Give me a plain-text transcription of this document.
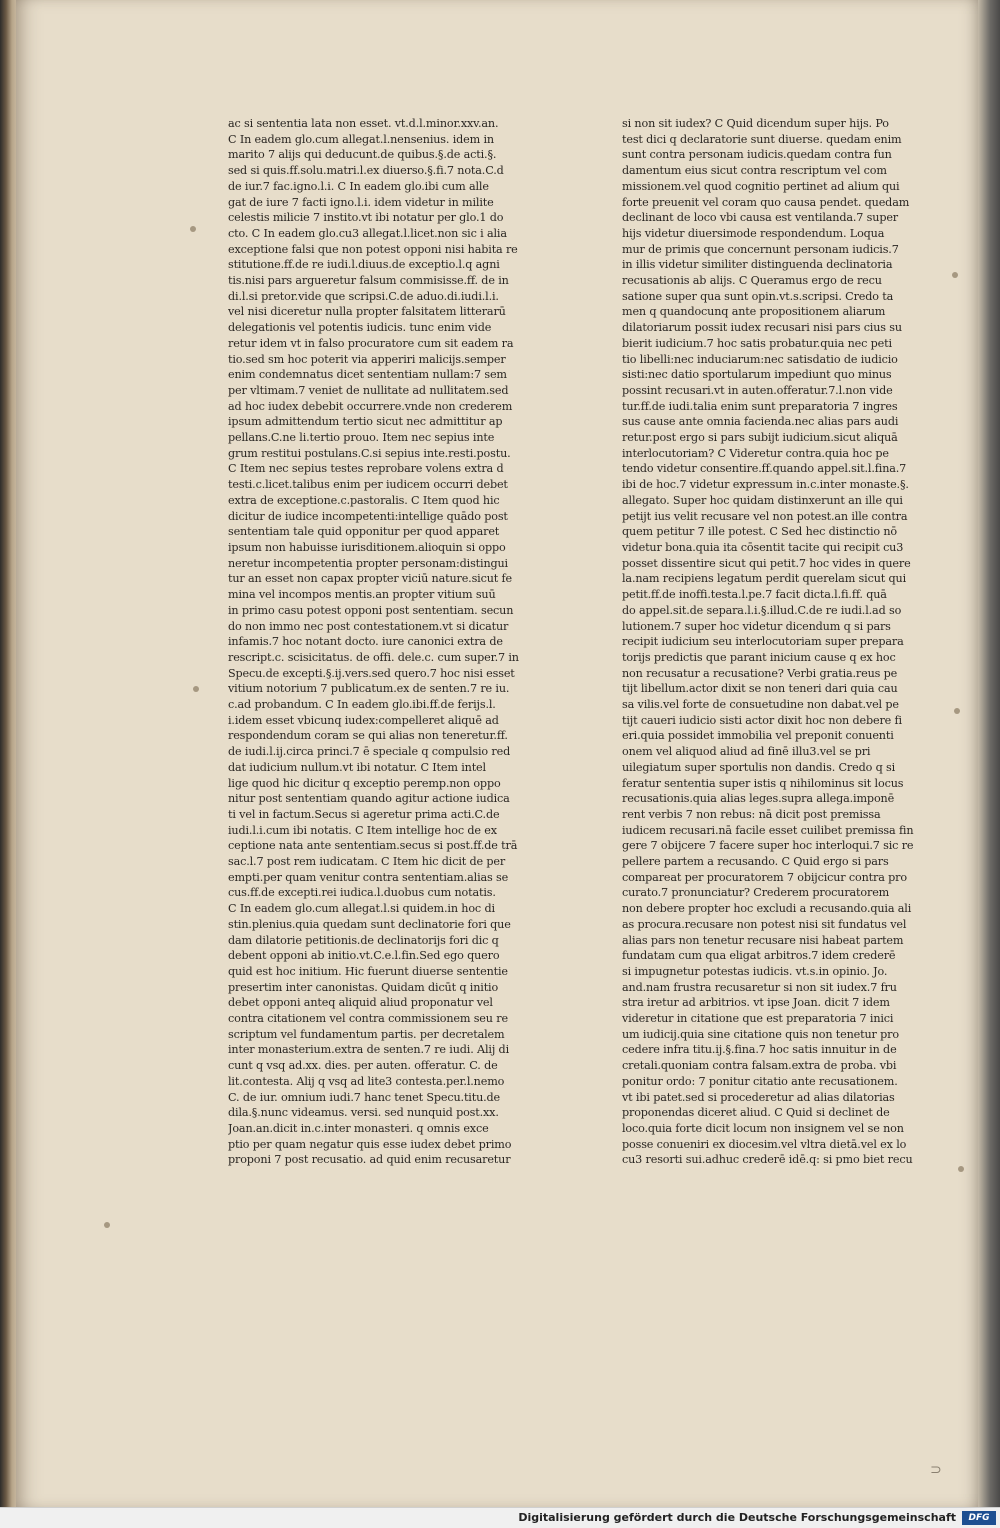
ac si sententia lata non esset. vt.d.l.minor.xxv.an.
C In eadem glo.cum allegat.l.nensenius. idem in
marito 7 alijs qui deducunt.de quibus.§.de acti.§.
sed si quis.ff.solu.matri.l.ex diuerso.§.fi.7 nota.C.d
de iur.7 fac.igno.l.i. C In eadem glo.ibi cum alle
gat de iure 7 facti igno.l.i. idem videtur in milite
celestis milicie 7 instito.vt ibi notatur per glo.1 do
cto. C In eadem glo.cu3 allegat.l.licet.non sic i alia
exceptione falsi que non potest opponi nisi habita re
stitutione.ff.de re iudi.l.diuus.de exceptio.l.q agni
tis.nisi pars argueretur falsum commisisse.ff. de in
di.l.si pretor.vide que scripsi.C.de aduo.di.iudi.l.i.
vel nisi diceretur nulla propter falsitatem litterarū
delegationis vel potentis iudicis. tunc enim vide
retur idem vt in falso procuratore cum sit eadem ra
tio.sed sm hoc poterit via apperiri malicijs.semper
enim condemnatus dicet sententiam nullam:7 sem
per vltimam.7 veniet de nullitate ad nullitatem.sed
ad hoc iudex debebit occurrere.vnde non crederem
ipsum admittendum tertio sicut nec admittitur ap
pellans.C.ne li.tertio prouo. Item nec sepius inte
grum restitui postulans.C.si sepius inte.resti.postu.
C Item nec sepius testes reprobare volens extra d
testi.c.licet.talibus enim per iudicem occurri debet
extra de exceptione.c.pastoralis. C Item quod hic
dicitur de iudice incompetenti:intellige quādo post
sententiam tale quid opponitur per quod apparet
ipsum non habuisse iurisditionem.alioquin si oppo
neretur incompetentia propter personam:distingui
tur an esset non capax propter viciū nature.sicut fe
mina vel incompos mentis.an propter vitium suū
in primo casu potest opponi post sententiam. secun
do non immo nec post contestationem.vt si dicatur
infamis.7 hoc notant docto. iure canonici extra de
rescript.c. scisicitatus. de offi. dele.c. cum super.7 in
Specu.de excepti.§.ij.vers.sed quero.7 hoc nisi esset
vitium notorium 7 publicatum.ex de senten.7 re iu.
c.ad probandum. C In eadem glo.ibi.ff.de ferijs.l.
i.idem esset vbicunq iudex:compelleret aliquē ad
respondendum coram se qui alias non teneretur.ff.
de iudi.l.ij.circa princi.7 ē speciale q compulsio red
dat iudicium nullum.vt ibi notatur. C Item intel
lige quod hic dicitur q exceptio peremp.non oppo
nitur post sententiam quando agitur actione iudica
ti vel in factum.Secus si ageretur prima acti.C.de
iudi.l.i.cum ibi notatis. C Item intellige hoc de ex
ceptione nata ante sententiam.secus si post.ff.de trā
sac.l.7 post rem iudicatam. C Item hic dicit de per
empti.per quam venitur contra sententiam.alias se
cus.ff.de excepti.rei iudica.l.duobus cum notatis.
C In eadem glo.cum allegat.l.si quidem.in hoc di
stin.plenius.quia quedam sunt declinatorie fori que
dam dilatorie petitionis.de declinatorijs fori dic q
debent opponi ab initio.vt.C.e.l.fin.Sed ego quero
quid est hoc initium. Hic fuerunt diuerse sententie
presertim inter canonistas. Quidam dicūt q initio
debet opponi anteq aliquid aliud proponatur vel
contra citationem vel contra commissionem seu re
scriptum vel fundamentum partis. per decretalem
inter monasterium.extra de senten.7 re iudi. Alij di
cunt q vsq ad.xx. dies. per auten. offeratur. C. de
lit.contesta. Alij q vsq ad lite3 contesta.per.l.nemo
C. de iur. omnium iudi.7 hanc tenet Specu.titu.de
dila.§.nunc videamus. versi. sed nunquid post.xx.
Joan.an.dicit in.c.inter monasteri. q omnis exce
ptio per quam negatur quis esse iudex debet primo
proponi 7 post recusatio. ad quid enim recusaretur
si non sit iudex? C Quid dicendum super hijs. Po
test dici q declaratorie sunt diuerse. quedam enim
sunt contra personam iudicis.quedam contra fun
damentum eius sicut contra rescriptum vel com
missionem.vel quod cognitio pertinet ad alium qui
forte preuenit vel coram quo causa pendet. quedam
declinant de loco vbi causa est ventilanda.7 super
hijs videtur diuersimode respondendum. Loqua
mur de primis que concernunt personam iudicis.7
in illis videtur similiter distinguenda declinatoria
recusationis ab alijs. C Queramus ergo de recu
satione super qua sunt opin.vt.s.scripsi. Credo ta
men q quandocunq ante propositionem aliarum
dilatoriarum possit iudex recusari nisi pars cius su
bierit iudicium.7 hoc satis probatur.quia nec peti
tio libelli:nec induciarum:nec satisdatio de iudicio
sisti:nec datio sportularum impediunt quo minus
possint recusari.vt in auten.offeratur.7.l.non vide
tur.ff.de iudi.talia enim sunt preparatoria 7 ingres
sus cause ante omnia facienda.nec alias pars audi
retur.post ergo si pars subijt iudicium.sicut aliquā
interlocutoriam? C Videretur contra.quia hoc pe
tendo videtur consentire.ff.quando appel.sit.l.fina.7
ibi de hoc.7 videtur expressum in.c.inter monaste.§.
allegato. Super hoc quidam distinxerunt an ille qui
petijt ius velit recusare vel non potest.an ille contra
quem petitur 7 ille potest. C Sed hec distinctio nō
videtur bona.quia ita cōsentit tacite qui recipit cu3
posset dissentire sicut qui petit.7 hoc vides in quere
la.nam recipiens legatum perdit querelam sicut qui
petit.ff.de inoffi.testa.l.pe.7 facit dicta.l.fi.ff. quā
do appel.sit.de separa.l.i.§.illud.C.de re iudi.l.ad so
lutionem.7 super hoc videtur dicendum q si pars
recipit iudicium seu interlocutoriam super prepara
torijs predictis que parant inicium cause q ex hoc
non recusatur a recusatione? Verbi gratia.reus pe
tijt libellum.actor dixit se non teneri dari quia cau
sa vilis.vel forte de consuetudine non dabat.vel pe
tijt caueri iudicio sisti actor dixit hoc non debere fi
eri.quia possidet immobilia vel preponit conuenti
onem vel aliquod aliud ad finē illu3.vel se pri
uilegiatum super sportulis non dandis. Credo q si
feratur sententia super istis q nihilominus sit locus
recusationis.quia alias leges.supra allega.imponē
rent verbis 7 non rebus: nā dicit post premissa
iudicem recusari.nā facile esset cuilibet premissa fin
gere 7 obijcere 7 facere super hoc interloqui.7 sic re
pellere partem a recusando. C Quid ergo si pars
compareat per procuratorem 7 obijcicur contra pro
curato.7 pronunciatur? Crederem procuratorem
non debere propter hoc excludi a recusando.quia ali
as procura.recusare non potest nisi sit fundatus vel
alias pars non tenetur recusare nisi habeat partem
fundatam cum qua eligat arbitros.7 idem crederē
si impugnetur potestas iudicis. vt.s.in opinio. Jo.
and.nam frustra recusaretur si non sit iudex.7 fru
stra iretur ad arbitrios. vt ipse Joan. dicit 7 idem
videretur in citatione que est preparatoria 7 inici
um iudicij.quia sine citatione quis non tenetur pro
cedere infra titu.ij.§.fina.7 hoc satis innuitur in de
cretali.quoniam contra falsam.extra de proba. vbi
ponitur ordo: 7 ponitur citatio ante recusationem.
vt ibi patet.sed si procederetur ad alias dilatorias
proponendas diceret aliud. C Quid si declinet de
loco.quia forte dicit locum non insignem vel se non
posse conueniri ex diocesim.vel vltra dietā.vel ex lo
cu3 resorti sui.adhuc crederē idē.q: si pmo biet recu
⊃
Digitalisierung gefördert durch die Deutsche Forschungsgemeinschaft	DFG
